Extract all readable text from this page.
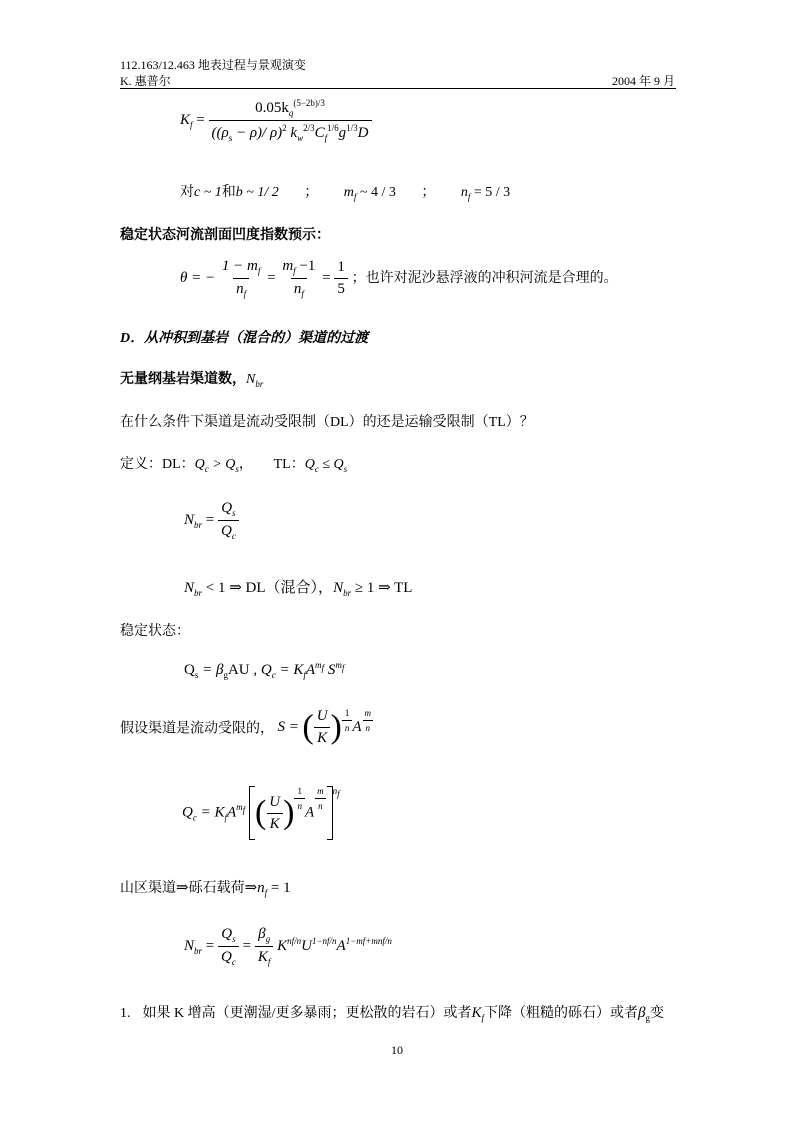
112.163/12.463 地表过程与景观演变
K. 惠普尔	2004 年 9 月
$K_f = \frac{0.05k_q^{(5-2b)/3}}{((\rho_s - \rho)/ \rho)^2 k_w^{2/3}C_f^{1/6}g^{1/3}D}$
对c ~ 1和b ~ 1/ 2 ； $m_f$ ~ 4 / 3 ； $n_f = 5 / 3$
稳定状态河流剖面凹度指数预示：
θ = − $\frac{1 - m_f}{n_f} = \frac{m_f -1}{n_f} = \frac{1}{5}$ ；也许对泥沙悬浮液的冲积河流是合理的。
D．从冲积到基岩（混合的）渠道的过渡
无量纲基岩渠道数，$N_{br}$
在什么条件下渠道是流动受限制（DL）的还是运输受限制（TL）？
定义：DL：$Q_c > Q_s$，      TL：$Q_c \le Q_s$
$N_{br} = \frac{Q_s}{Q_c}$
$N_{br} < 1$ ⇒ DL（混合），$N_{br} \ge 1$ ⇒ TL
稳定状态：
$Q_s = \beta_gAU$ , $Q_c = K_fA^{m_f}$ $S^{m_f}$
假设渠道是流动受限的， S = ( $\frac{U}{K}$ ) $\frac{1}{n}$ A $\frac{m}{n}$
$Q_c = K_fA^{m_f}$ ( $\frac{U}{K}$ ) $\frac{1}{n}$
A
$\frac{m}{n} ^{n_f}$
山区渠道⇒砾石载荷$\Rightarrow n_f = 1$
$N_{br} = \frac{Q_s}{Q_c} = \frac{\beta_g}{K_f} K^{nf/n}U^{1-nf/n}A^{1-mf+mnf/n}$
1. 如果 K 增高（更潮湿/更多暴雨；更松散的岩石）或者$K_f$下降（粗糙的砾石）或者$\beta_g$变
10
